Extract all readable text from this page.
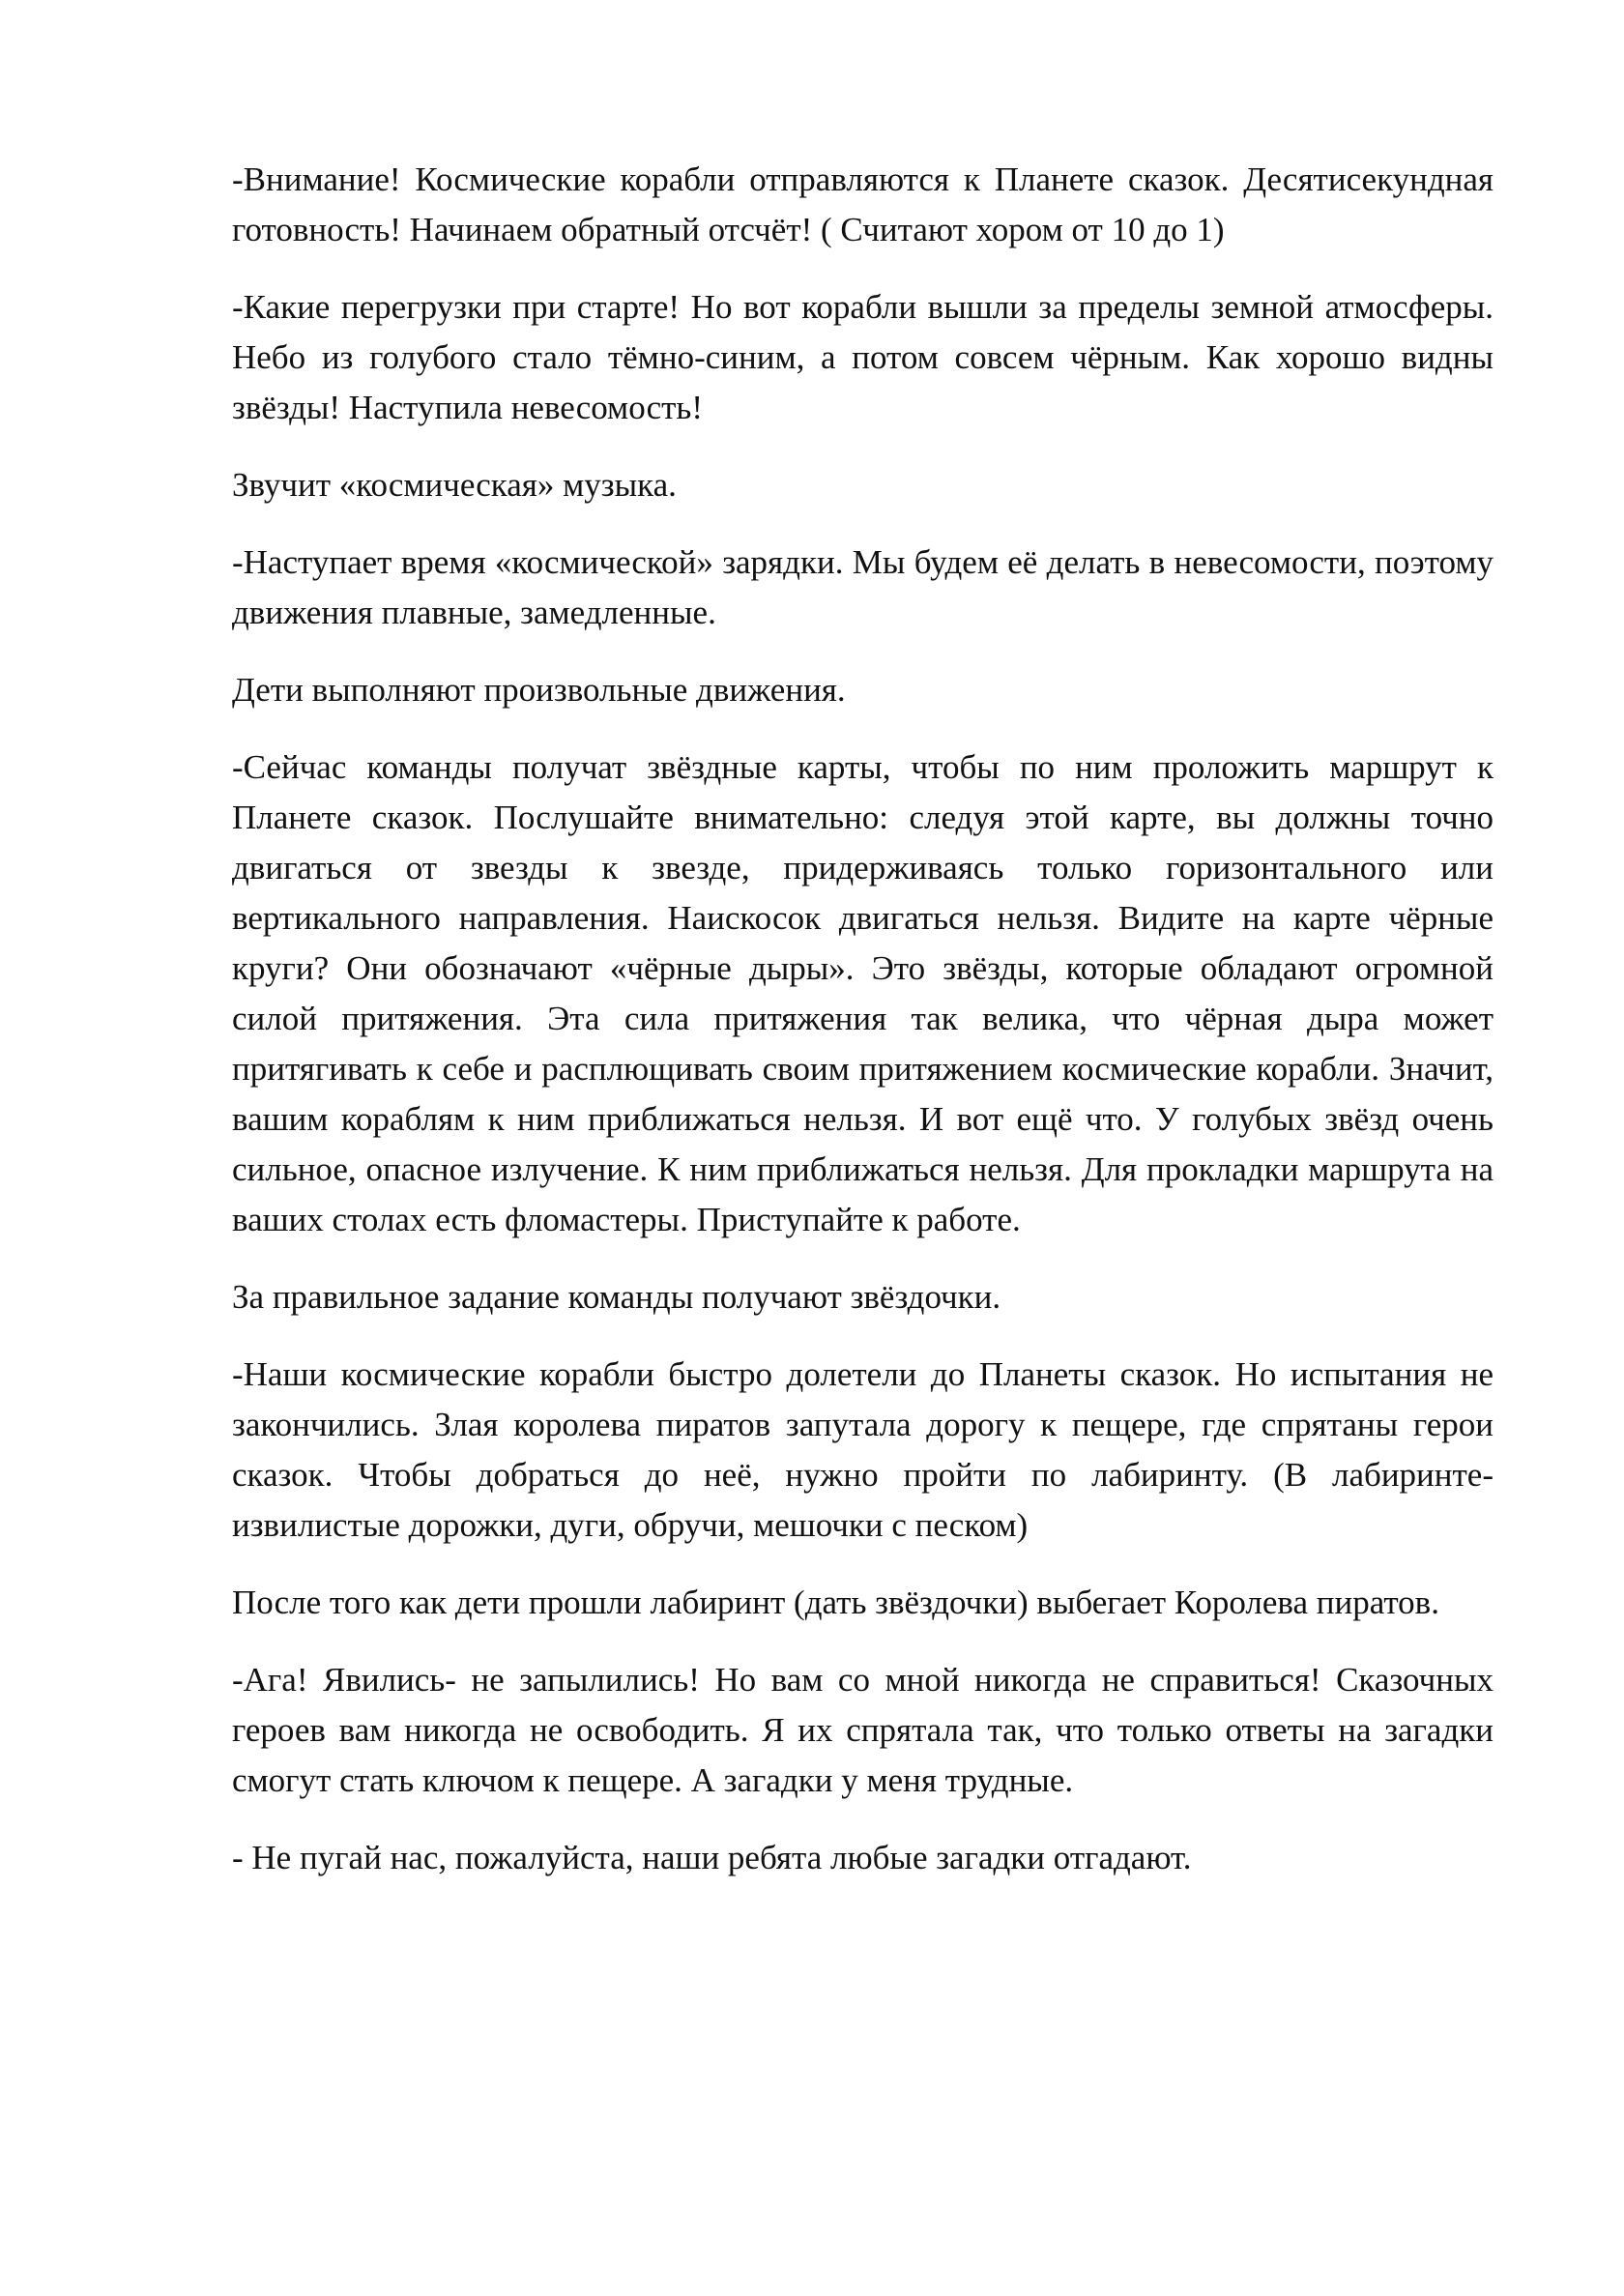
-Внимание! Космические корабли отправляются к Планете сказок. Десятисекундная готовность! Начинаем обратный отсчёт! ( Считают хором от 10 до 1)

-Какие перегрузки при старте! Но вот корабли вышли за пределы земной атмосферы. Небо из голубого стало тёмно-синим, а потом совсем чёрным. Как хорошо видны звёзды! Наступила невесомость!

Звучит «космическая» музыка.

-Наступает время «космической» зарядки. Мы будем её делать в невесомости, поэтому движения плавные, замедленные.

Дети выполняют произвольные движения.

-Сейчас команды получат звёздные карты, чтобы по ним проложить маршрут к Планете сказок. Послушайте внимательно: следуя этой карте, вы должны точно двигаться от звезды к звезде, придерживаясь только горизонтального или вертикального направления. Наискосок двигаться нельзя. Видите на карте чёрные круги? Они обозначают «чёрные дыры». Это звёзды, которые обладают огромной силой притяжения. Эта сила притяжения так велика, что чёрная дыра может притягивать к себе и расплющивать своим притяжением космические корабли. Значит, вашим кораблям к ним приближаться нельзя. И вот ещё что. У голубых звёзд очень сильное, опасное излучение. К ним приближаться нельзя. Для прокладки маршрута на ваших столах есть фломастеры. Приступайте к работе.

За правильное задание команды получают звёздочки.

-Наши космические корабли быстро долетели до Планеты сказок. Но испытания не закончились. Злая королева пиратов запутала дорогу к пещере, где спрятаны герои сказок. Чтобы добраться до неё, нужно пройти по лабиринту. (В лабиринте- извилистые дорожки, дуги, обручи, мешочки с песком)

После того как дети прошли лабиринт (дать звёздочки) выбегает Королева пиратов.

-Ага! Явились- не запылились! Но вам со мной никогда не справиться! Сказочных героев вам никогда не освободить. Я их спрятала так, что только ответы на загадки смогут стать ключом к пещере. А загадки у меня трудные.

- Не пугай нас, пожалуйста, наши ребята любые загадки отгадают.
